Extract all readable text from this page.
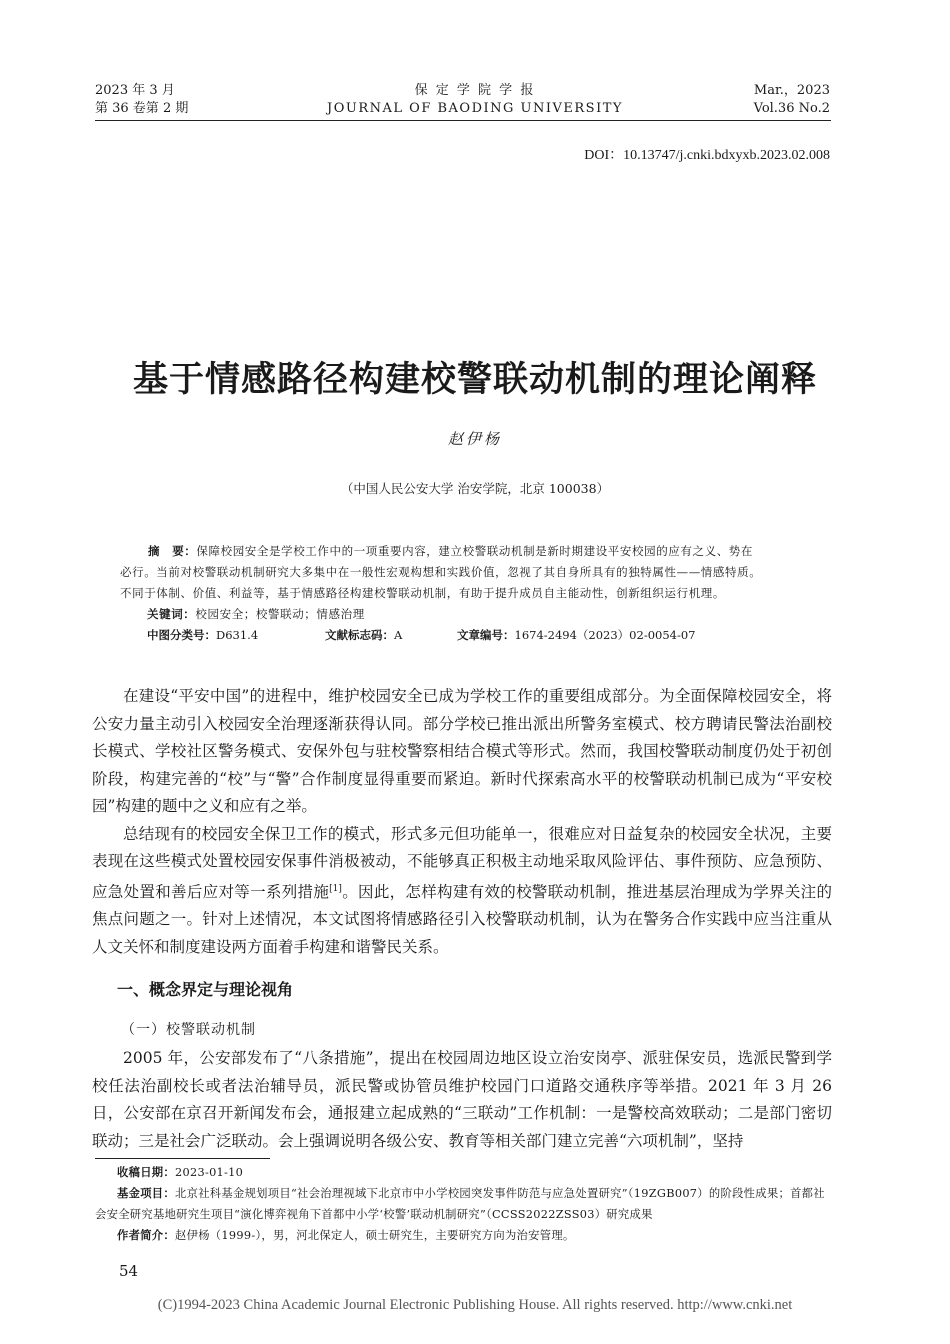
2023 年 3 月
第 36 卷第 2 期
保 定 学 院 学 报
JOURNAL OF BAODING UNIVERSITY
Mar.，2023
Vol.36 No.2
DOI：10.13747/j.cnki.bdxyxb.2023.02.008
基于情感路径构建校警联动机制的理论阐释
赵伊杨
（中国人民公安大学 治安学院，北京 100038）

摘　要：保障校园安全是学校工作中的一项重要内容，建立校警联动机制是新时期建设平安校园的应有之义、势在

必行。当前对校警联动机制研究大多集中在一般性宏观构想和实践价值，忽视了其自身所具有的独特属性——情感特质。

不同于体制、价值、利益等，基于情感路径构建校警联动机制，有助于提升成员自主能动性，创新组织运行机理。

关键词：校园安全；校警联动；情感治理
中图分类号：D631.4	文献标志码：A	文章编号：1674-2494（2023）02-0054-07

在建设“平安中国”的进程中，维护校园安全已成为学校工作的重要组成部分。为全面保障校园安全，将公安力量主动引入校园安全治理逐渐获得认同。部分学校已推出派出所警务室模式、校方聘请民警法治副校长模式、学校社区警务模式、安保外包与驻校警察相结合模式等形式。然而，我国校警联动制度仍处于初创阶段，构建完善的“校”与“警”合作制度显得重要而紧迫。新时代探索高水平的校警联动机制已成为“平安校园”构建的题中之义和应有之举。

总结现有的校园安全保卫工作的模式，形式多元但功能单一，很难应对日益复杂的校园安全状况，主要表现在这些模式处置校园安保事件消极被动，不能够真正积极主动地采取风险评估、事件预防、应急预防、应急处置和善后应对等一系列措施[1]。因此，怎样构建有效的校警联动机制，推进基层治理成为学界关注的焦点问题之一。针对上述情况，本文试图将情感路径引入校警联动机制，认为在警务合作实践中应当注重从人文关怀和制度建设两方面着手构建和谐警民关系。

一、概念界定与理论视角
（一）校警联动机制

2005 年，公安部发布了“八条措施”，提出在校园周边地区设立治安岗亭、派驻保安员，选派民警到学校任法治副校长或者法治辅导员，派民警或协管员维护校园门口道路交通秩序等举措。2021 年 3 月 26 日，公安部在京召开新闻发布会，通报建立起成熟的“三联动”工作机制：一是警校高效联动；二是部门密切联动；三是社会广泛联动。会上强调说明各级公安、教育等相关部门建立完善“六项机制”，坚持

收稿日期：2023-01-10

基金项目：北京社科基金规划项目“社会治理视域下北京市中小学校园突发事件防范与应急处置研究”（19ZGB007）的阶段性成果；首都社会安全研究基地研究生项目“演化博弈视角下首都中小学‘校警’联动机制研究”（CCSS2022ZSS03）研究成果

作者简介：赵伊杨（1999-），男，河北保定人，硕士研究生，主要研究方向为治安管理。

54
(C)1994-2023 China Academic Journal Electronic Publishing House. All rights reserved. http://www.cnki.net
